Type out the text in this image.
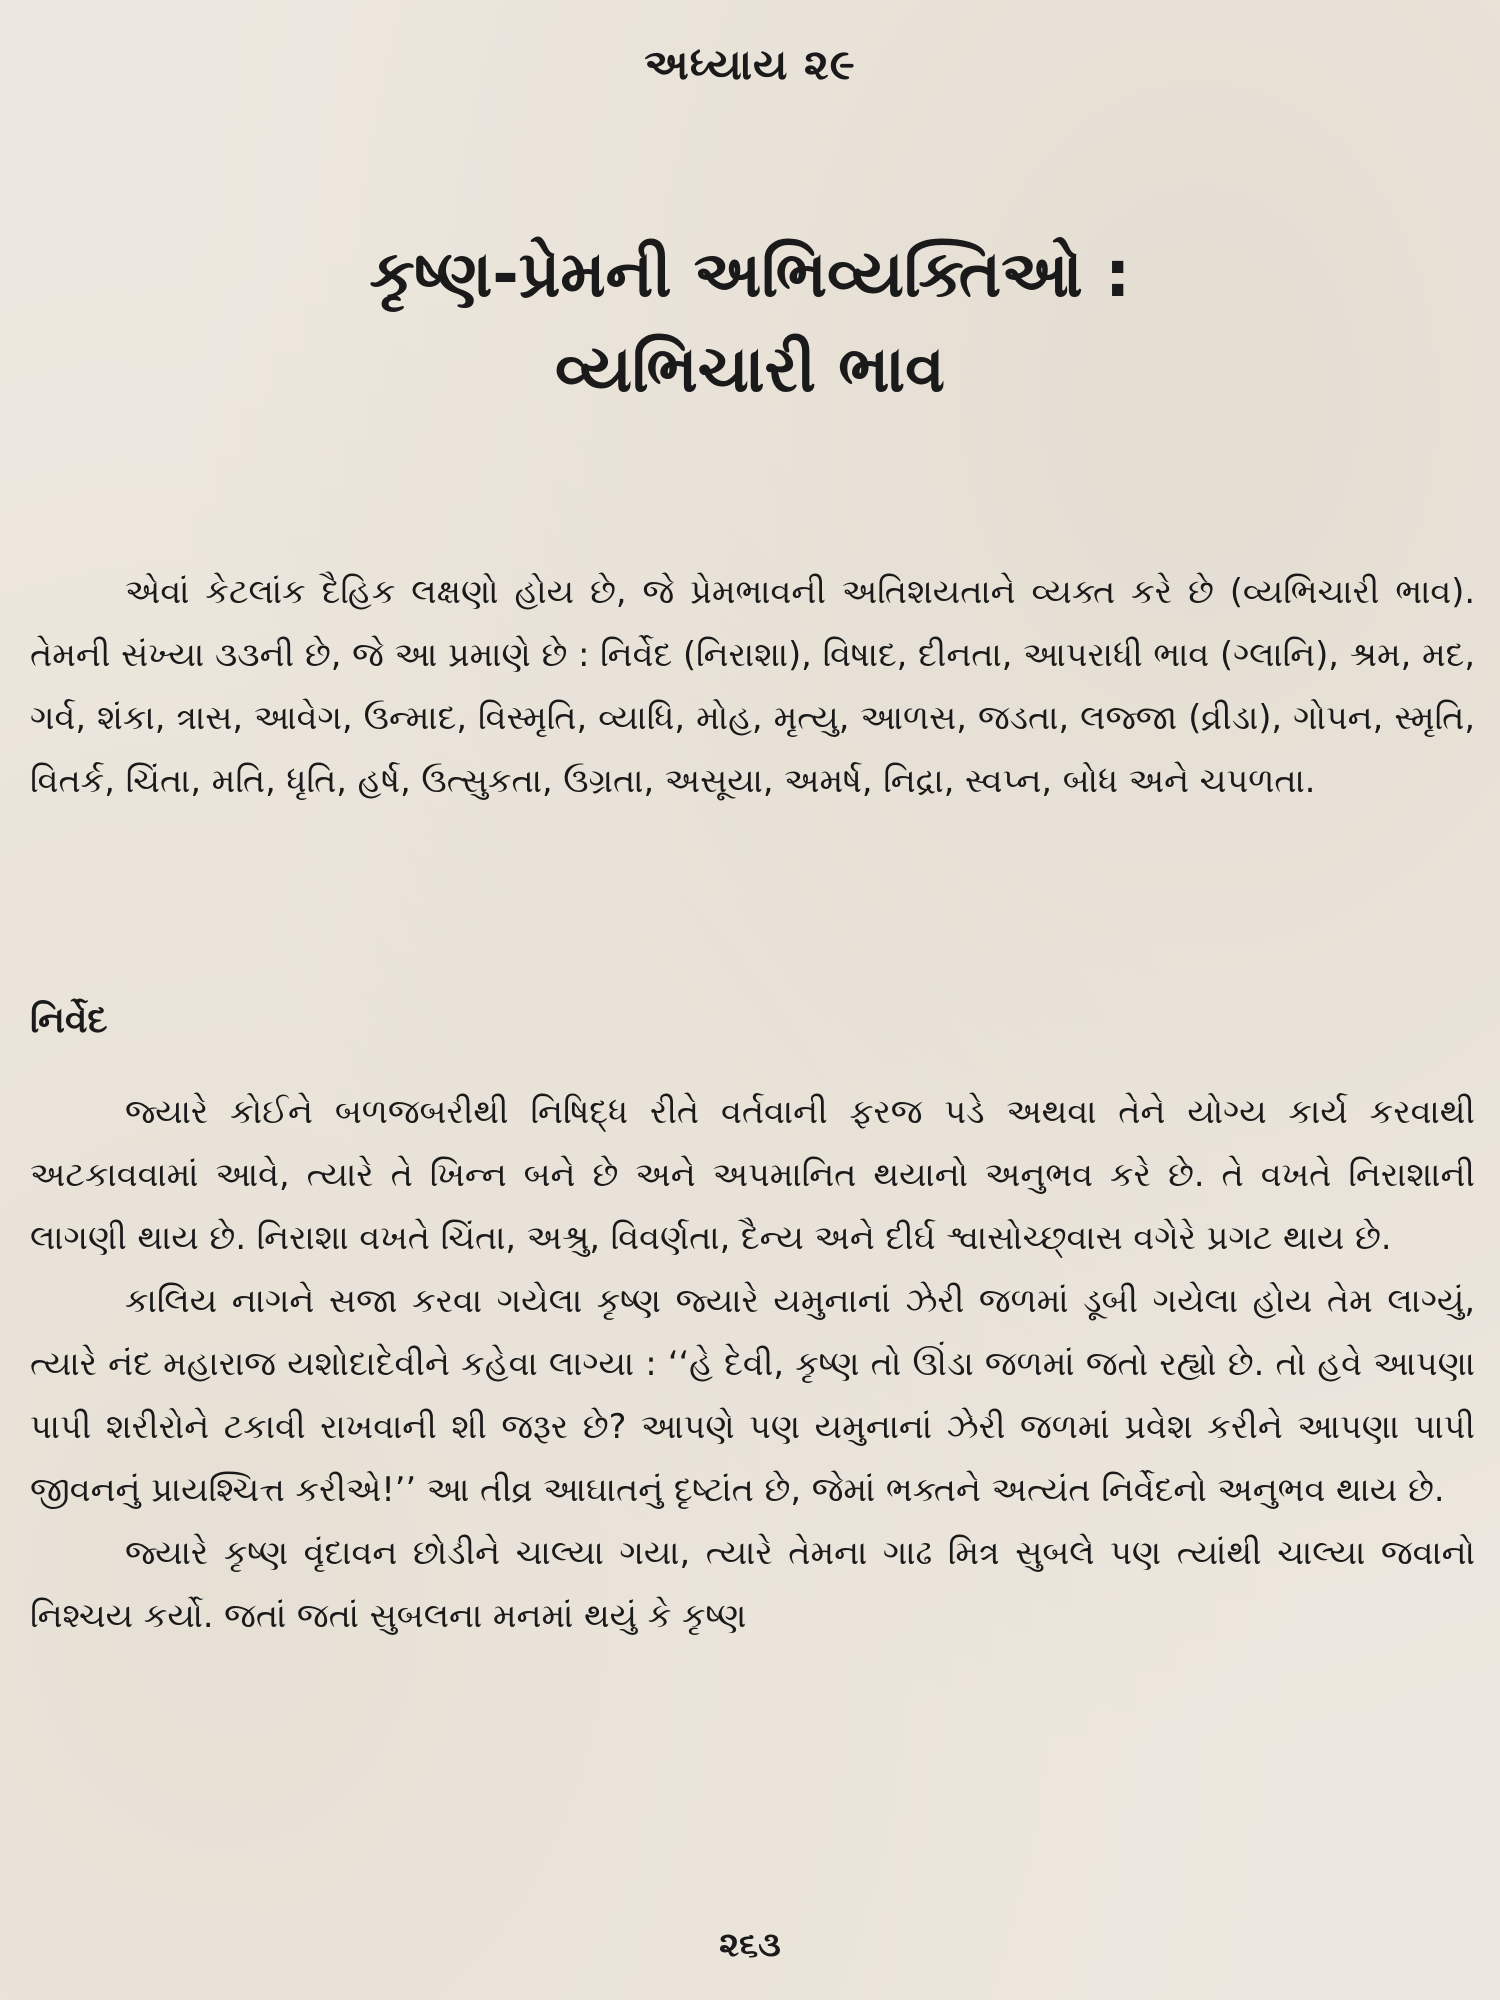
અધ્યાય ૨૯
કૃષ્ણ-પ્રેમની અભિવ્યક્તિઓ :
વ્યભિચારી ભાવ

એવાં કેટલાંક દૈહિક લક્ષણો હોય છે, જે પ્રેમભાવની અતિશયતાને વ્યક્ત કરે છે (વ્યભિચારી ભાવ). તેમની સંખ્યા ૩૩ની છે, જે આ પ્રમાણે છે : નિર્વેદ (નિરાશા), વિષાદ, દીનતા, આપરાધી ભાવ (ગ્લાનિ), શ્રમ, મદ, ગર્વ, શંકા, ત્રાસ, આવેગ, ઉન્માદ, વિસ્મૃતિ, વ્યાધિ, મોહ, મૃત્યુ, આળસ, જડતા, લજ્જા (વ્રીડા), ગોપન, સ્મૃતિ, વિતર્ક, ચિંતા, મતિ, ધૃતિ, હર્ષ, ઉત્સુકતા, ઉગ્રતા, અસૂયા, અમર્ષ, નિદ્રા, સ્વપ્ન, બોધ અને ચપળતા.

નિર્વેદ

જ્યારે કોઈને બળજબરીથી નિષિદ્ધ રીતે વર્તવાની ફરજ પડે અથવા તેને યોગ્ય કાર્ય કરવાથી અટકાવવામાં આવે, ત્યારે તે ખિન્ન બને છે અને અપમાનિત થયાનો અનુભવ કરે છે. તે વખતે નિરાશાની લાગણી થાય છે. નિરાશા વખતે ચિંતા, અશ્રુ, વિવર્ણતા, દૈન્ય અને દીર્ઘ શ્વાસોચ્છ્‌વાસ વગેરે પ્રગટ થાય છે.

કાલિય નાગને સજા કરવા ગયેલા કૃષ્ણ જ્યારે યમુનાનાં ઝેરી જળમાં ડૂબી ગયેલા હોય તેમ લાગ્યું, ત્યારે નંદ મહારાજ યશોદાદેવીને કહેવા લાગ્યા : ‘‘હે દેવી, કૃષ્ણ તો ઊંડા જળમાં જતો રહ્યો છે. તો હવે આપણા પાપી શરીરોને ટકાવી રાખવાની શી જરૂર છે? આપણે પણ યમુનાનાં ઝેરી જળમાં પ્રવેશ કરીને આપણા પાપી જીવનનું પ્રાયશ્ચિત્ત કરીએ!’’ આ તીવ્ર આઘાતનું દૃષ્ટાંત છે, જેમાં ભક્તને અત્યંત નિર્વેદનો અનુભવ થાય છે.

જ્યારે કૃષ્ણ વૃંદાવન છોડીને ચાલ્યા ગયા, ત્યારે તેમના ગાઢ મિત્ર સુબલે પણ ત્યાંથી ચાલ્યા જવાનો નિશ્ચય કર્યો. જતાં જતાં સુબલના મનમાં થયું કે કૃષ્ણ

૨૬૩
